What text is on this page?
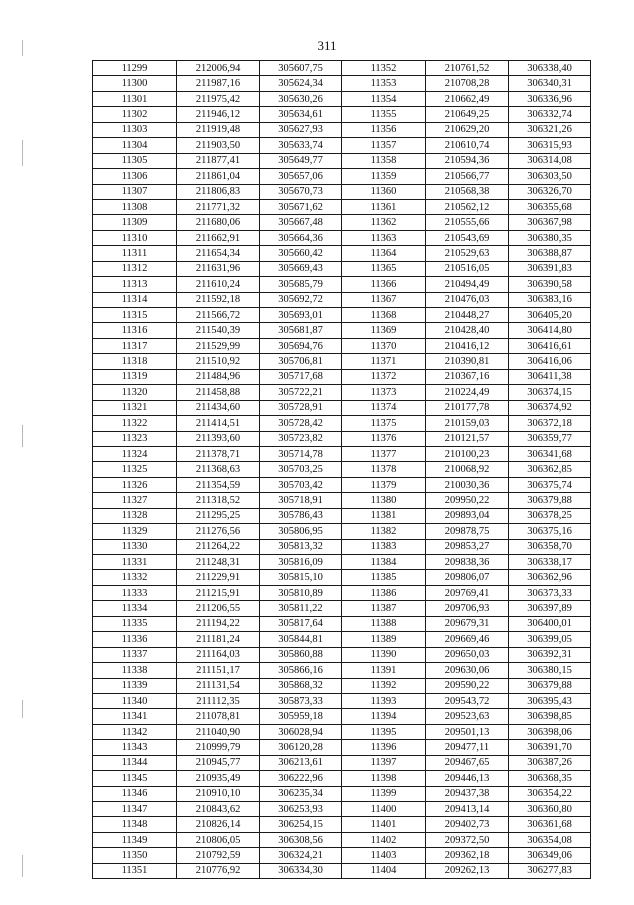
311
11299	212006,94	305607,75	11352	210761,52	306338,40
11300	211987,16	305624,34	11353	210708,28	306340,31
11301	211975,42	305630,26	11354	210662,49	306336,96
11302	211946,12	305634,61	11355	210649,25	306332,74
11303	211919,48	305627,93	11356	210629,20	306321,26
11304	211903,50	305633,74	11357	210610,74	306315,93
11305	211877,41	305649,77	11358	210594,36	306314,08
11306	211861,04	305657,06	11359	210566,77	306303,50
11307	211806,83	305670,73	11360	210568,38	306326,70
11308	211771,32	305671,62	11361	210562,12	306355,68
11309	211680,06	305667,48	11362	210555,66	306367,98
11310	211662,91	305664,36	11363	210543,69	306380,35
11311	211654,34	305660,42	11364	210529,63	306388,87
11312	211631,96	305669,43	11365	210516,05	306391,83
11313	211610,24	305685,79	11366	210494,49	306390,58
11314	211592,18	305692,72	11367	210476,03	306383,16
11315	211566,72	305693,01	11368	210448,27	306405,20
11316	211540,39	305681,87	11369	210428,40	306414,80
11317	211529,99	305694,76	11370	210416,12	306416,61
11318	211510,92	305706,81	11371	210390,81	306416,06
11319	211484,96	305717,68	11372	210367,16	306411,38
11320	211458,88	305722,21	11373	210224,49	306374,15
11321	211434,60	305728,91	11374	210177,78	306374,92
11322	211414,51	305728,42	11375	210159,03	306372,18
11323	211393,60	305723,82	11376	210121,57	306359,77
11324	211378,71	305714,78	11377	210100,23	306341,68
11325	211368,63	305703,25	11378	210068,92	306362,85
11326	211354,59	305703,42	11379	210030,36	306375,74
11327	211318,52	305718,91	11380	209950,22	306379,88
11328	211295,25	305786,43	11381	209893,04	306378,25
11329	211276,56	305806,95	11382	209878,75	306375,16
11330	211264,22	305813,32	11383	209853,27	306358,70
11331	211248,31	305816,09	11384	209838,36	306338,17
11332	211229,91	305815,10	11385	209806,07	306362,96
11333	211215,91	305810,89	11386	209769,41	306373,33
11334	211206,55	305811,22	11387	209706,93	306397,89
11335	211194,22	305817,64	11388	209679,31	306400,01
11336	211181,24	305844,81	11389	209669,46	306399,05
11337	211164,03	305860,88	11390	209650,03	306392,31
11338	211151,17	305866,16	11391	209630,06	306380,15
11339	211131,54	305868,32	11392	209590,22	306379,88
11340	211112,35	305873,33	11393	209543,72	306395,43
11341	211078,81	305959,18	11394	209523,63	306398,85
11342	211040,90	306028,94	11395	209501,13	306398,06
11343	210999,79	306120,28	11396	209477,11	306391,70
11344	210945,77	306213,61	11397	209467,65	306387,26
11345	210935,49	306222,96	11398	209446,13	306368,35
11346	210910,10	306235,34	11399	209437,38	306354,22
11347	210843,62	306253,93	11400	209413,14	306360,80
11348	210826,14	306254,15	11401	209402,73	306361,68
11349	210806,05	306308,56	11402	209372,50	306354,08
11350	210792,59	306324,21	11403	209362,18	306349,06
11351	210776,92	306334,30	11404	209262,13	306277,83
